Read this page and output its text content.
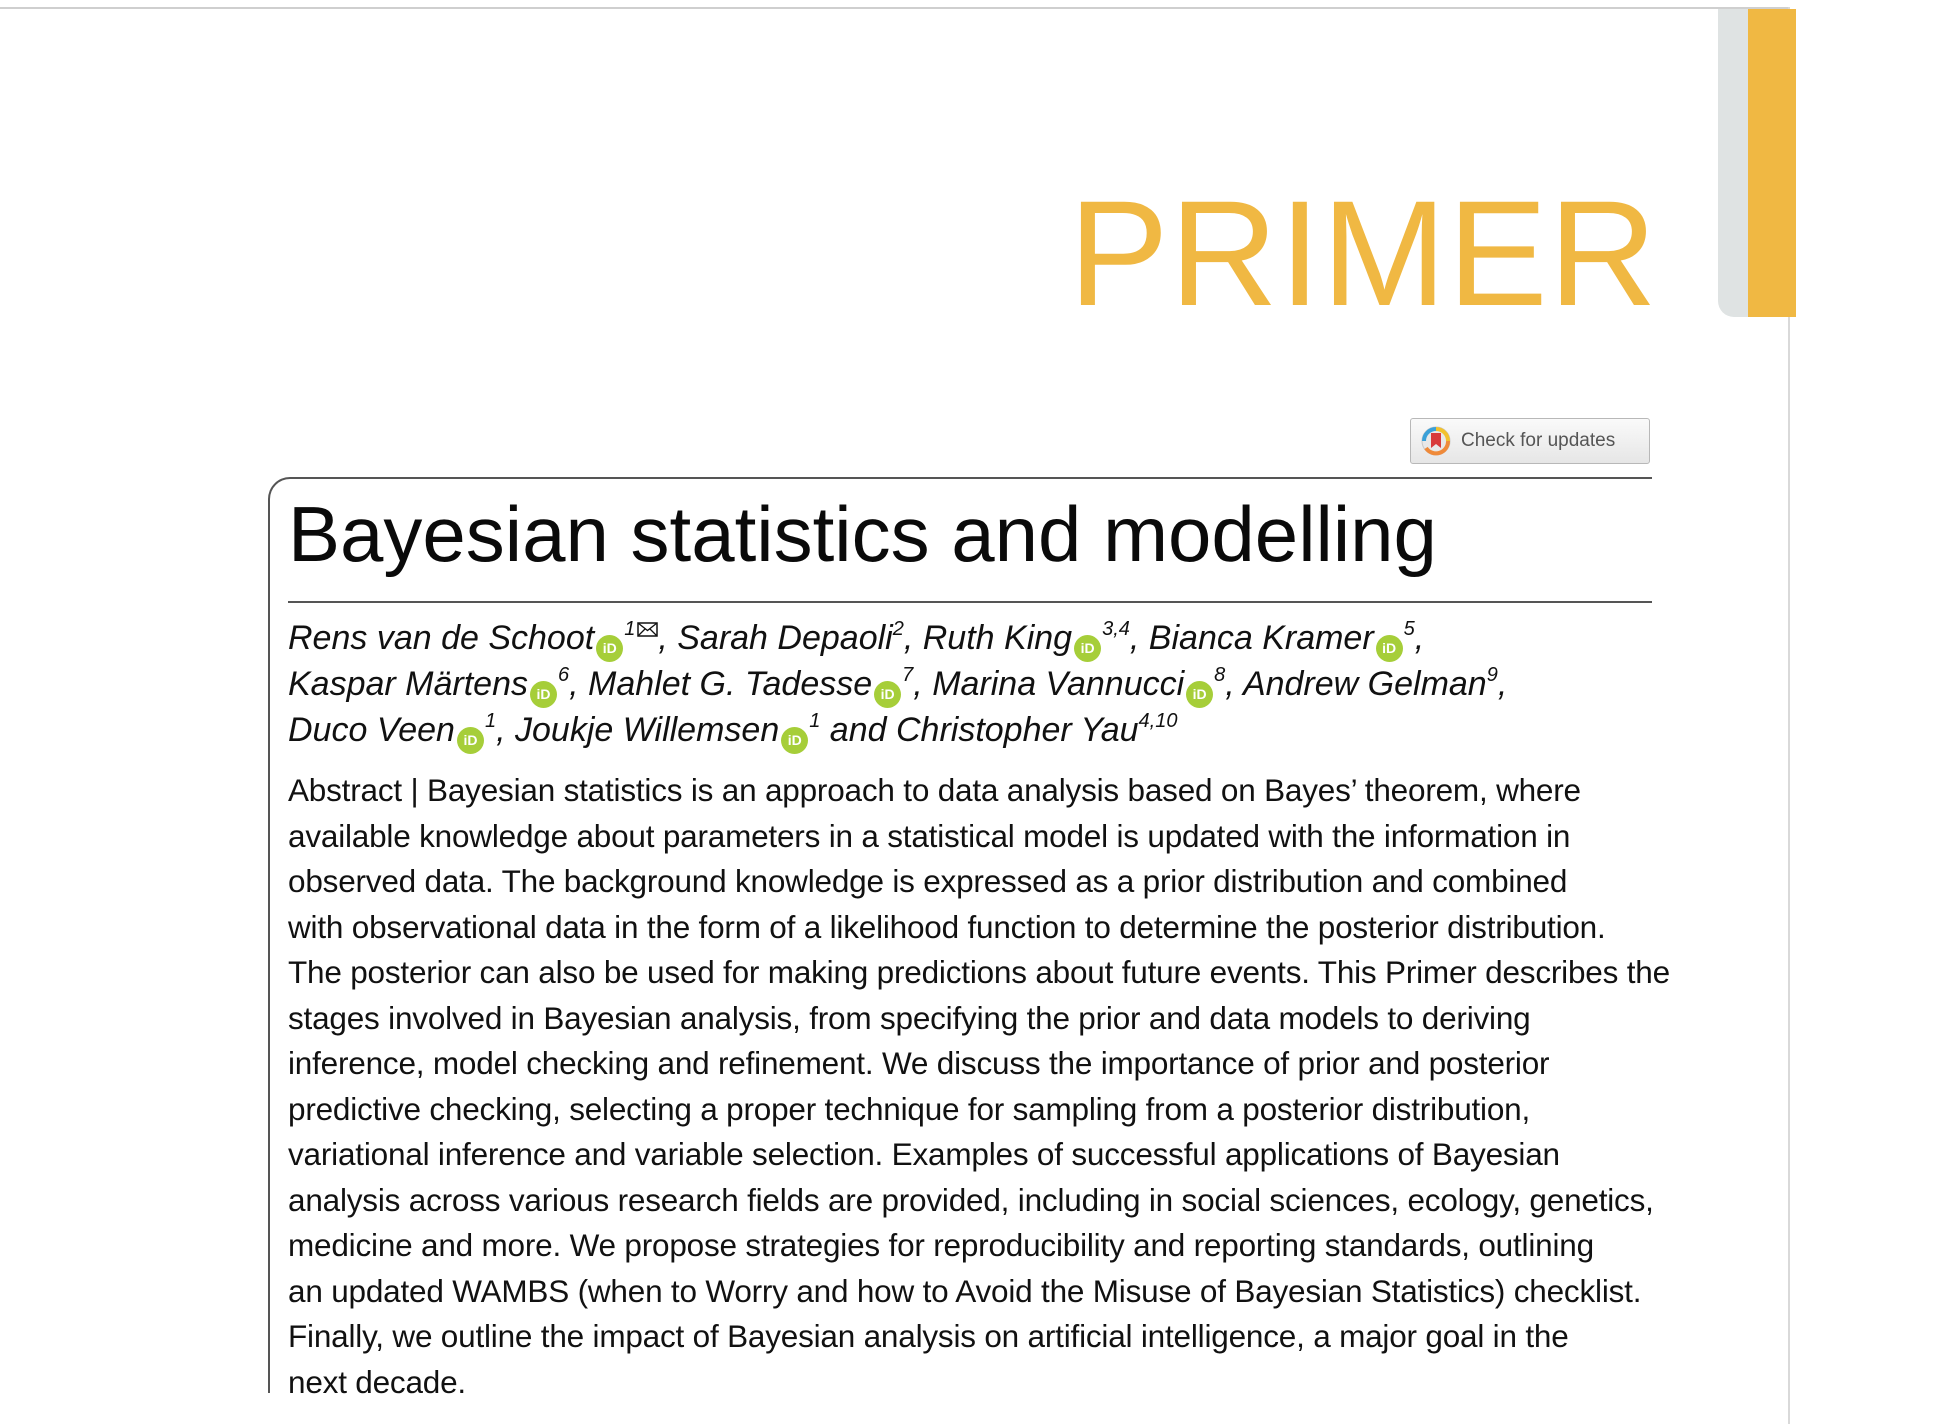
PRIMER
Check for updates
Bayesian statistics and modelling
Rens van de Schoot $iD^1$ , Sarah Depaoli$^2$, Ruth King iD$^{3,4}$, Bianca Kramer $iD^5$,
Kaspar Märtens $iD^6$, Mahlet G. Tadesse $iD^7$, Marina Vannucci $iD^8$, Andrew Gelman$^9$,
Duco Veen $iD^1$, Joukje Willemsen $iD^1$ and Christopher Yau$^{4,10}$
Abstract | Bayesian statistics is an approach to data analysis based on Bayes’ theorem, where
available knowledge about parameters in a statistical model is updated with the information in
observed data. The background knowledge is expressed as a prior distribution and combined
with observational data in the form of a likelihood function to determine the posterior distribution.
The posterior can also be used for making predictions about future events. This Primer describes the
stages involved in Bayesian analysis, from specifying the prior and data models to deriving
inference, model checking and refinement. We discuss the importance of prior and posterior
predictive checking, selecting a proper technique for sampling from a posterior distribution,
variational inference and variable selection. Examples of successful applications of Bayesian
analysis across various research fields are provided, including in social sciences, ecology, genetics,
medicine and more. We propose strategies for reproducibility and reporting standards, outlining
an updated WAMBS (when to Worry and how to Avoid the Misuse of Bayesian Statistics) checklist.
Finally, we outline the impact of Bayesian analysis on artificial intelligence, a major goal in the
next decade.
